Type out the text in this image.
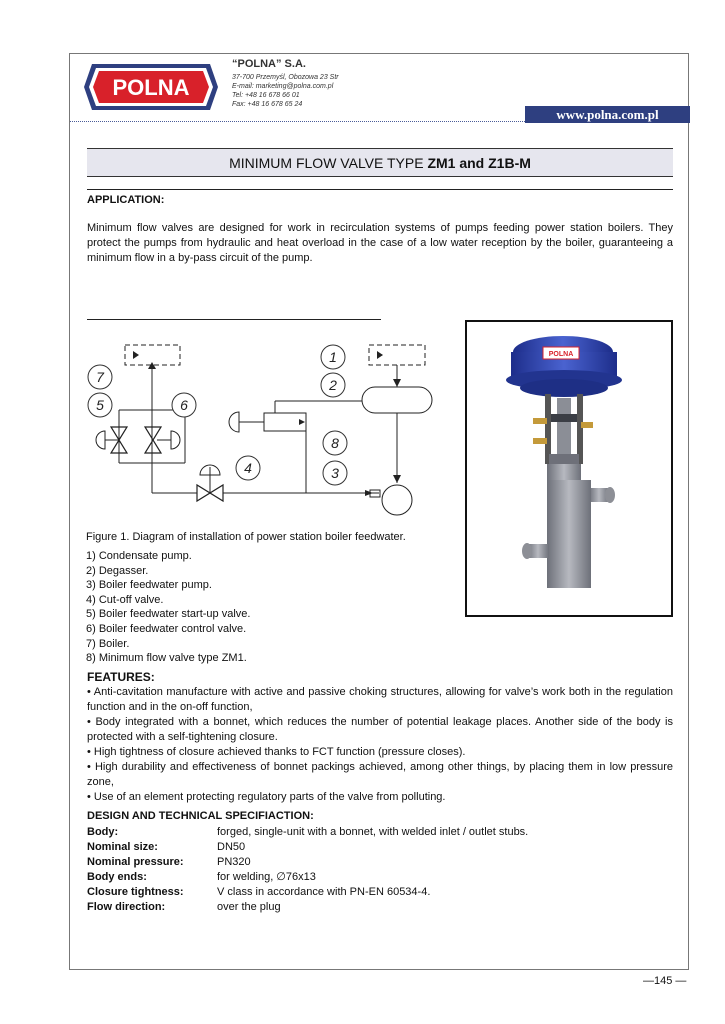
POLNA
“POLNA” S.A.
37-700 Przemyśl, Obozowa 23 Str
E-mail: marketing@polna.com.pl
Tel: +48 16 678 66 01
Fax: +48 16 678 65 24
www.polna.com.pl
MINIMUM FLOW VALVE TYPE ZM1 and Z1B-M
APPLICATION:
Minimum flow valves are designed for work in recirculation systems of pumps feeding power station boilers. They protect the pumps from hydraulic and heat overload in the case of a low water reception by the boiler, guaranteeing a minimum flow in a by-pass circuit of the pump.
7
5	6
1
2
8
3
4
POLNA
Figure 1. Diagram of installation of power station boiler feedwater.
1) Condensate pump.
2) Degasser.
3) Boiler feedwater pump.
4) Cut-off valve.
5) Boiler feedwater start-up valve.
6) Boiler feedwater control valve.
7) Boiler.
8) Minimum flow valve type ZM1.
FEATURES:
• Anti-cavitation manufacture with active and passive choking structures, allowing for valve’s work both in the regulation function and in the on-off function,
• Body integrated with a bonnet, which reduces the number of potential leakage places. Another side of the body is protected with a self-tightening closure.
• High tightness of closure achieved thanks to FCT function (pressure closes).
• High durability and effectiveness of bonnet packings achieved, among other things, by placing them in low pressure zone,
• Use of an element protecting regulatory parts of the valve from polluting.
DESIGN AND TECHNICAL SPECIFIACTION:
Body:	forged, single-unit with a bonnet, with welded inlet / outlet stubs.
Nominal size:	DN50
Nominal pressure:	PN320
Body ends:	for welding, ∅76x13
Closure tightness:	V class in accordance with PN-EN 60534-4.
Flow direction:	over the plug
—145 —
